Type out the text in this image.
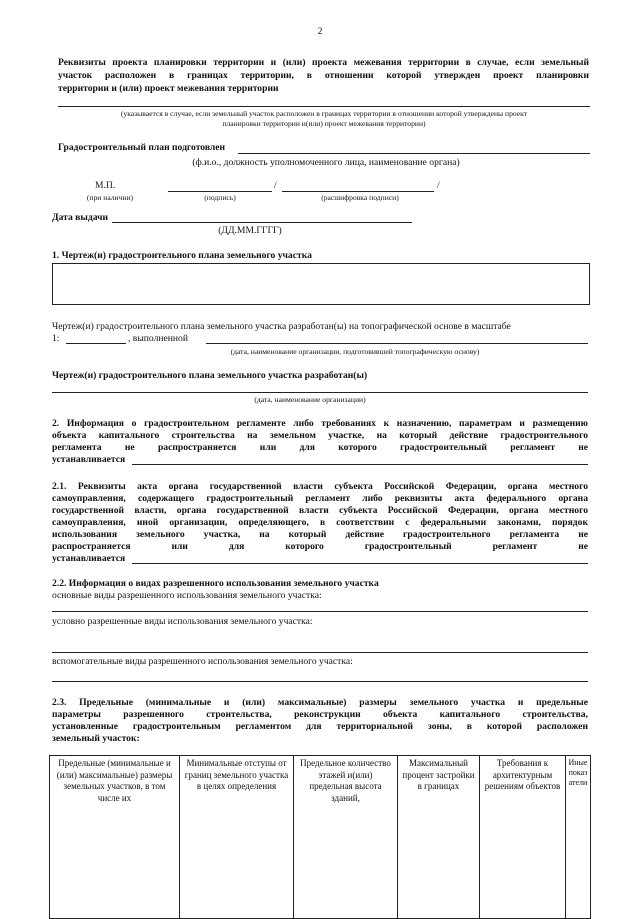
2
Реквизиты проекта планировки территории и (или) проекта межевания территории в случае, если земельный
участок расположен в границах территории, в отношении которой утвержден проект планировки
территории и (или) проект межевания территории
(указывается в случае, если земельный участок расположен в границах территории в отношении которой утверждены проект
планировки территории и(или) проект межевания территории)
Градостроительный план подготовлен
(ф.и.о., должность уполномоченного лица, наименование органа)
М.П.
(при наличии)
/	/
(подпись)	(расшифровка подписи)
Дата выдачи
(ДД.ММ.ГГГГ)
1. Чертеж(и) градостроительного плана земельного участка
Чертеж(и) градостроительного плана земельного участка разработан(ы) на топографической основе в масштабе
1:	, выполненной
(дата, наименование организации, подготовившей топографическую основу)
Чертеж(и) градостроительного плана земельного участка разработан(ы)
(дата, наименование организации)
2. Информация о градостроительном регламенте либо требованиях к назначению, параметрам и размещению
объекта капитального строительства на земельном участке, на который действие градостроительного
регламента не распространяется или для которого градостроительный регламент не
устанавливается
2.1. Реквизиты акта органа государственной власти субъекта Российской Федерации, органа местного
самоуправления, содержащего градостроительный регламент либо реквизиты акта федерального органа
государственной власти, органа государственной власти субъекта Российской Федерации, органа местного
самоуправления, иной организации, определяющего, в соответствии с федеральными законами, порядок
использования земельного участка, на который действие градостроительного регламента не
распространяется или для которого градостроительный регламент не
устанавливается
2.2. Информация о видах разрешенного использования земельного участка
основные виды разрешенного использования земельного участка:
условно разрешенные виды использования земельного участка:
вспомогательные виды разрешенного использования земельного участка:
2.3. Предельные (минимальные и (или) максимальные) размеры земельного участка и предельные
параметры разрешенного строительства, реконструкции объекта капитального строительства,
установленные градостроительным регламентом для территориальной зоны, в которой расположен
земельный участок:
Предельные (минимальные и (или) максимальные) размеры земельных участков, в том числе их	Минимальные отступы от границ земельного участка в целях определения	Предельное количество этажей и(или) предельная высота зданий,	Максимальный процент застройки в границах	Требования к архитектурным решениям объектов	Иные показатели
